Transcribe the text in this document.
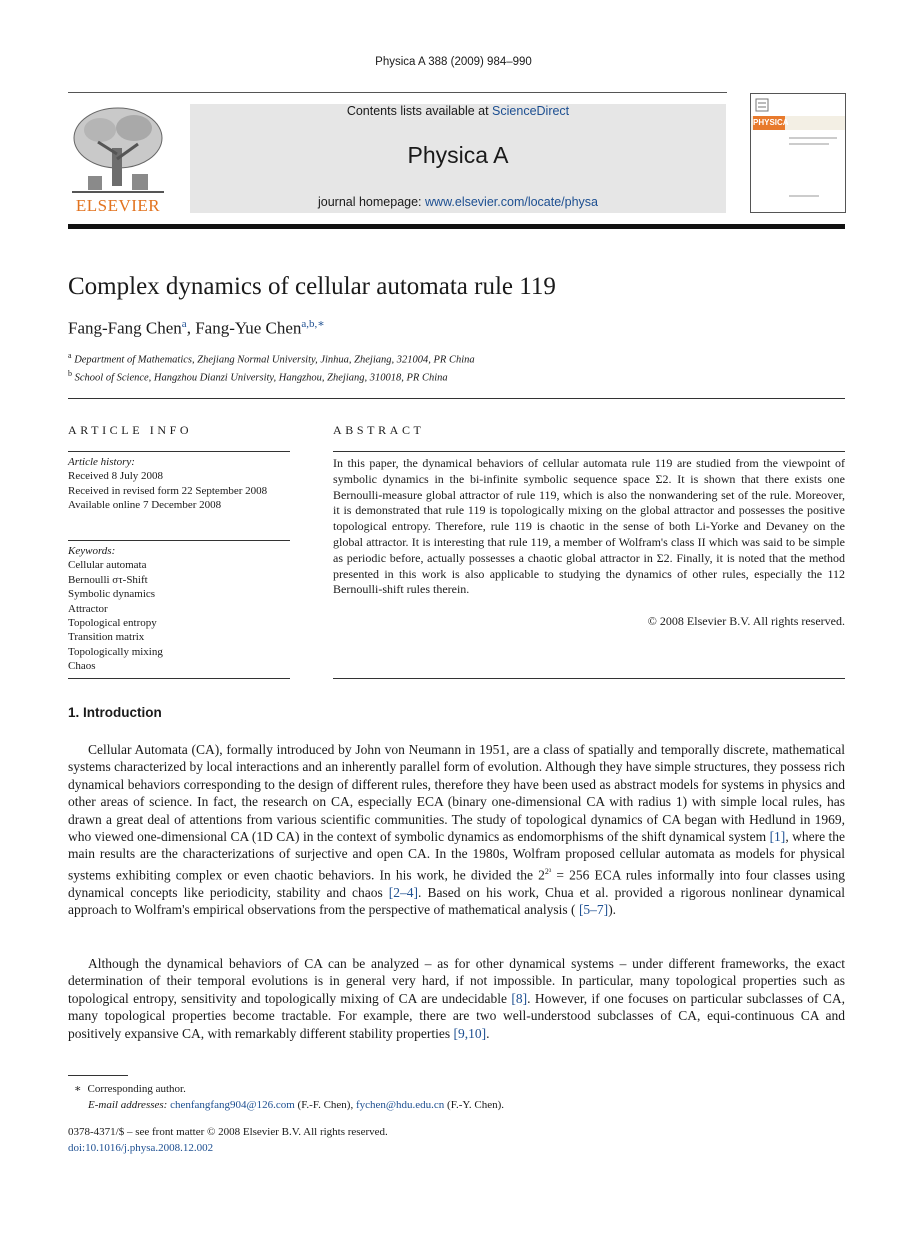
Physica A 388 (2009) 984–990
ELSEVIER
Contents lists available at ScienceDirect
Physica A
journal homepage: www.elsevier.com/locate/physa
PHYSICA
Complex dynamics of cellular automata rule 119
Fang-Fang Chen$^a$, Fang-Yue Chen$^{a,b,∗}$
$^a$ Department of Mathematics, Zhejiang Normal University, Jinhua, Zhejiang, 321004, PR China
$^b$ School of Science, Hangzhou Dianzi University, Hangzhou, Zhejiang, 310018, PR China
ARTICLE INFO	ABSTRACT
Article history:
Received 8 July 2008
Received in revised form 22 September 2008
Available online 7 December 2008
Keywords:
Cellular automata
Bernoulli στ-Shift
Symbolic dynamics
Attractor
Topological entropy
Transition matrix
Topologically mixing
Chaos
In this paper, the dynamical behaviors of cellular automata rule 119 are studied from the viewpoint of symbolic dynamics in the bi-infinite symbolic sequence space Σ2. It is shown that there exists one Bernoulli-measure global attractor of rule 119, which is also the nonwandering set of the rule. Moreover, it is demonstrated that rule 119 is topologically mixing on the global attractor and possesses the positive topological entropy. Therefore, rule 119 is chaotic in the sense of both Li-Yorke and Devaney on the global attractor. It is interesting that rule 119, a member of Wolfram's class II which was said to be simple as periodic before, actually possesses a chaotic global attractor in Σ2. Finally, it is noted that the method presented in this work is also applicable to studying the dynamics of other rules, especially the 112 Bernoulli-shift rules therein.
© 2008 Elsevier B.V. All rights reserved.
1. Introduction
Cellular Automata (CA), formally introduced by John von Neumann in 1951, are a class of spatially and temporally discrete, mathematical systems characterized by local interactions and an inherently parallel form of evolution. Although they have simple structures, they possess rich dynamical behaviors corresponding to the design of different rules, therefore they have been used as abstract models for systems in physics and other areas of science. In fact, the research on CA, especially ECA (binary one-dimensional CA with radius 1) with simple local rules, has drawn a great deal of attentions from various scientific communities. The study of topological dynamics of CA began with Hedlund in 1969, who viewed one-dimensional CA (1D CA) in the context of symbolic dynamics as endomorphisms of the shift dynamical system [1], where the main results are the characterizations of surjective and open CA. In the 1980s, Wolfram proposed cellular automata as models for physical systems exhibiting complex or even chaotic behaviors. In his work, he divided the $2^{2^3} = 256$ ECA rules informally into four classes using dynamical concepts like periodicity, stability and chaos [2–4]. Based on his work, Chua et al. provided a rigorous nonlinear dynamical approach to Wolfram's empirical observations from the perspective of mathematical analysis ( [5–7]).
Although the dynamical behaviors of CA can be analyzed – as for other dynamical systems – under different frameworks, the exact determination of their temporal evolutions is in general very hard, if not impossible. In particular, many topological properties such as topological entropy, sensitivity and topologically mixing of CA are undecidable [8]. However, if one focuses on particular subclasses of CA, many topological properties become tractable. For example, there are two well-understood subclasses of CA, equi-continuous CA and positively expansive CA, with remarkably different stability properties [9,10].
∗ Corresponding author.
E-mail addresses: chenfangfang904@126.com (F.-F. Chen), fychen@hdu.edu.cn (F.-Y. Chen).
0378-4371/$ – see front matter © 2008 Elsevier B.V. All rights reserved.
doi:10.1016/j.physa.2008.12.002
